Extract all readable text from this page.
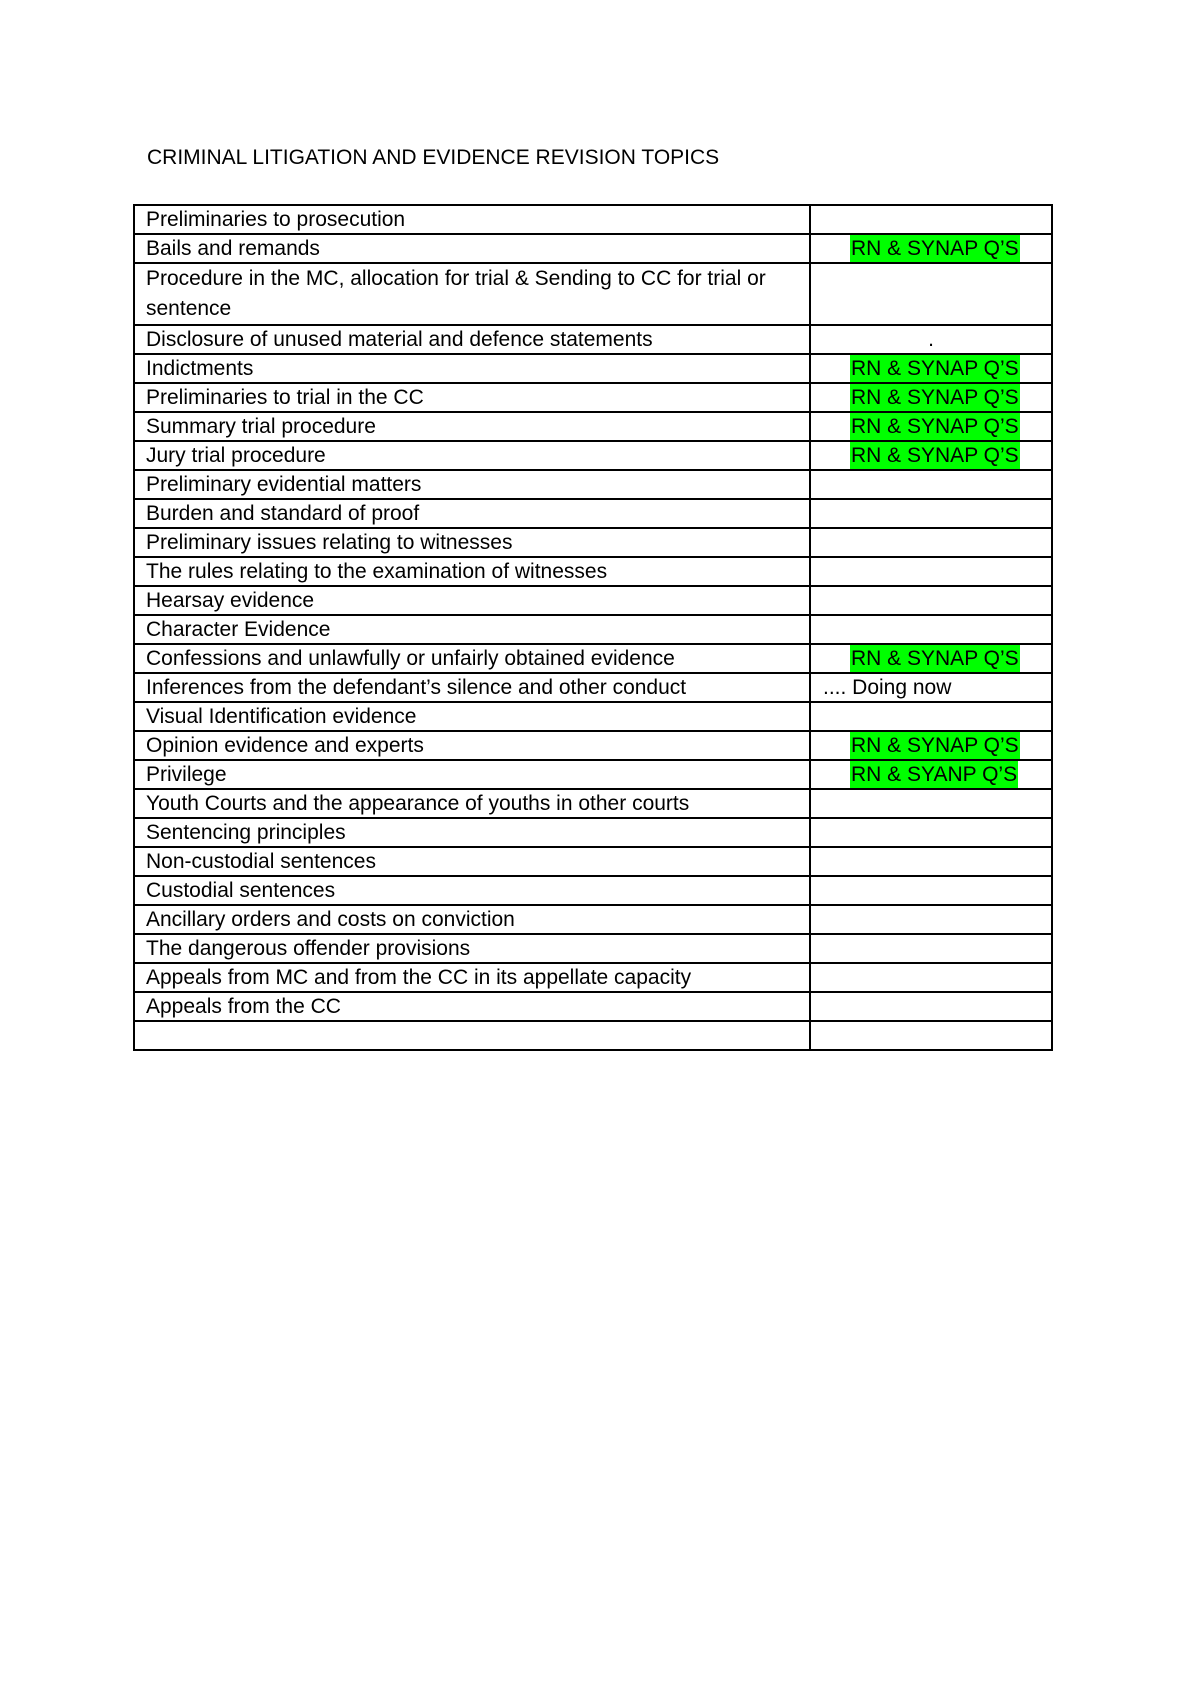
CRIMINAL LITIGATION AND EVIDENCE REVISION TOPICS
Preliminaries to prosecution	
Bails and remands	RN & SYNAP Q’S
Procedure in the MC, allocation for trial & Sending to CC for trial or sentence	
Disclosure of unused material and defence statements	.

Indictments	RN & SYNAP Q’S
Preliminaries to trial in the CC	RN & SYNAP Q’S
Summary trial procedure	RN & SYNAP Q’S
Jury trial procedure	RN & SYNAP Q’S
Preliminary evidential matters	
Burden and standard of proof	
Preliminary issues relating to witnesses	
The rules relating to the examination of witnesses	
Hearsay evidence	
Character Evidence	
Confessions and unlawfully or unfairly obtained evidence	RN & SYNAP Q’S
Inferences from the defendant’s silence and other conduct	.... Doing now

Visual Identification evidence	
Opinion evidence and experts	RN & SYNAP Q’S
Privilege	RN & SYANP Q’S
Youth Courts and the appearance of youths in other courts	
Sentencing principles	
Non-custodial sentences	
Custodial sentences	
Ancillary orders and costs on conviction	
The dangerous offender provisions	
Appeals from MC and from the CC in its appellate capacity	
Appeals from the CC	
